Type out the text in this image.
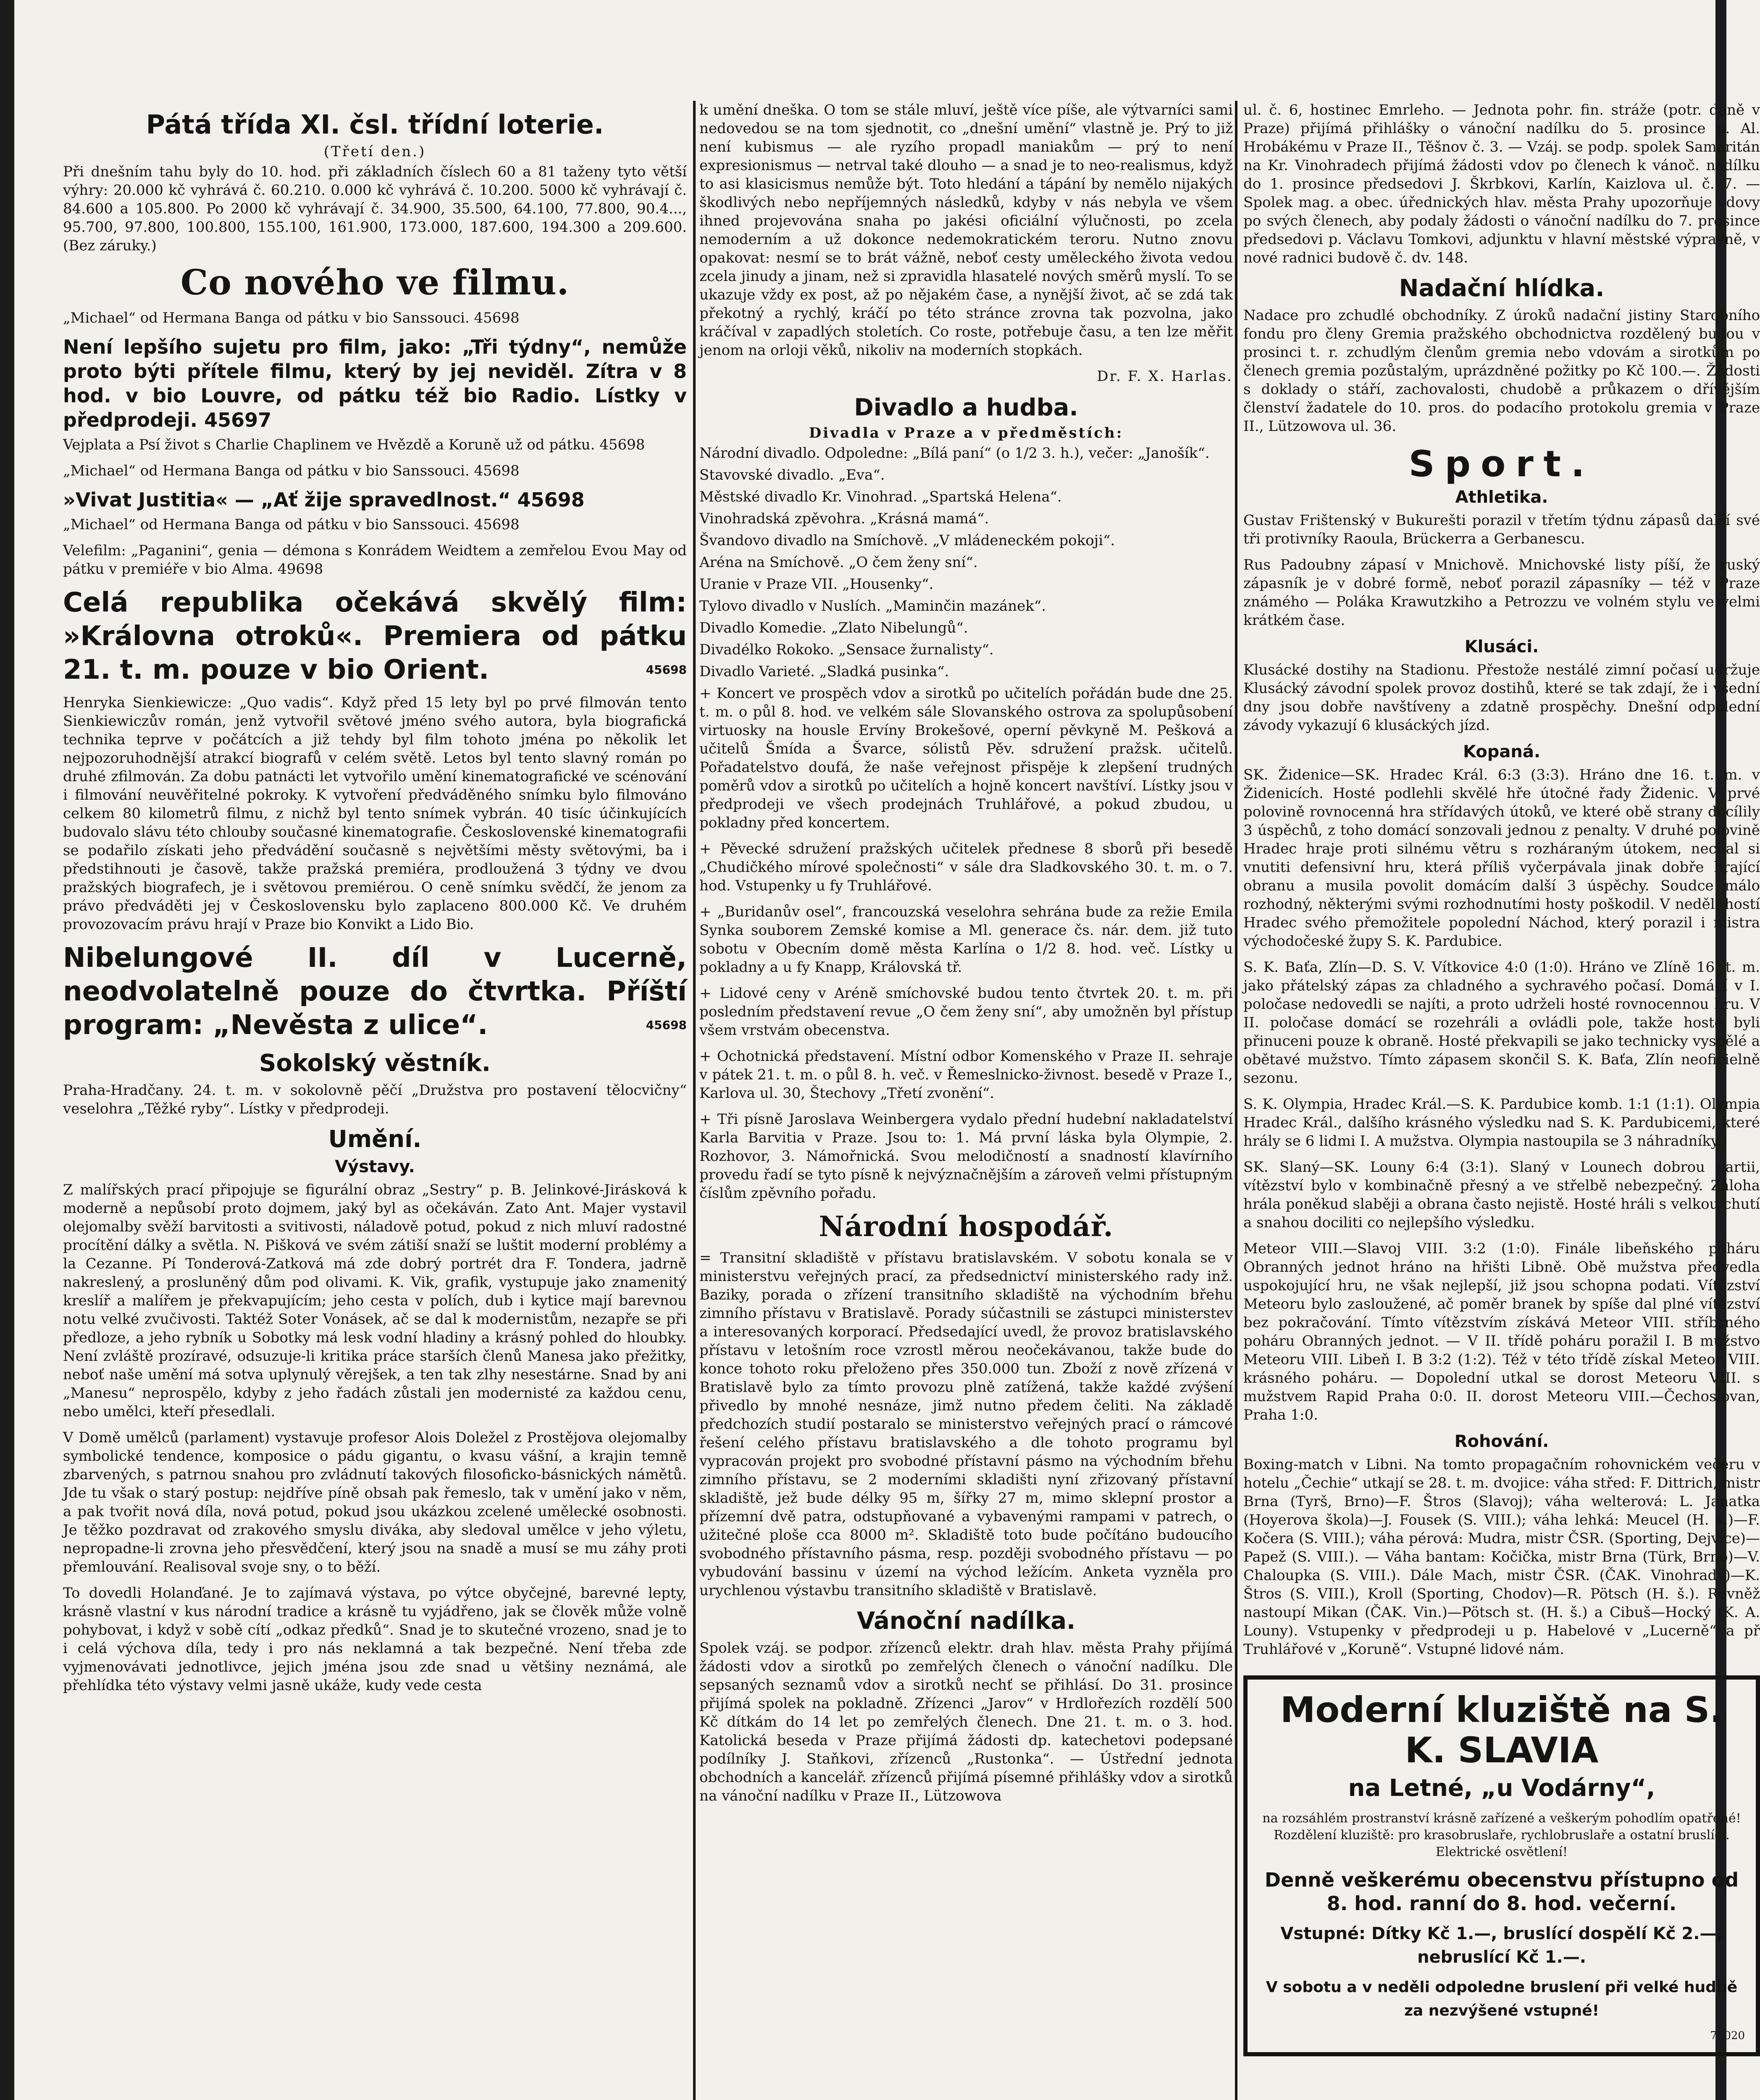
Pátá třída XI. čsl. třídní loterie.
(Třetí den.)

Při dnešním tahu byly do 10. hod. při základních číslech 60 a 81 taženy tyto větší výhry: 20.000 kč vyhrává č. 60.210. 0.000 kč vyhrává č. 10.200. 5000 kč vyhrávají č. 84.600 a 105.800. Po 2000 kč vyhrávají č. 34.900, 35.500, 64.100, 77.800, 90.4..., 95.700, 97.800, 100.800, 155.100, 161.900, 173.000, 187.600, 194.300 a 209.600. (Bez záruky.)

Co nového ve filmu.

„Michael“ od Hermana Banga od pátku v bio Sanssouci. 45698

Není lepšího sujetu pro film, jako: „Tři týdny“, nemůže proto býti přítele filmu, který by jej neviděl. Zítra v 8 hod. v bio Louvre, od pátku též bio Radio. Lístky v předprodeji. 45697

Vejplata a Psí život s Charlie Chaplinem ve Hvězdě a Koruně už od pátku. 45698

„Michael“ od Hermana Banga od pátku v bio Sanssouci. 45698

»Vivat Justitia« — „Ať žije spravedlnost.“ 45698

„Michael“ od Hermana Banga od pátku v bio Sanssouci. 45698

Velefilm: „Paganini“, genia — démona s Konrádem Weidtem a zemřelou Evou May od pátku v premiéře v bio Alma. 49698

Celá republika očekává skvělý film: »Královna otroků«. Premiera od pátku 21. t. m. pouze v bio Orient.	45698

Henryka Sienkiewicze: „Quo vadis“. Když před 15 lety byl po prvé filmován tento Sienkiewiczův román, jenž vytvořil světové jméno svého autora, byla biografická technika teprve v počátcích a již tehdy byl film tohoto jména po několik let nejpozoruhodnější atrakcí biografů v celém světě. Letos byl tento slavný román po druhé zfilmován. Za dobu patnácti let vytvořilo umění kinematografické ve scénování i filmování neuvěřitelné pokroky. K vytvoření předváděného snímku bylo filmováno celkem 80 kilometrů filmu, z nichž byl tento snímek vybrán. 40 tisíc účinkujících budovalo slávu této chlouby současné kinematografie. Československé kinematografii se podařilo získati jeho předvádění současně s největšími městy světovými, ba i předstihnouti je časově, takže pražská premiéra, prodloužená 3 týdny ve dvou pražských biografech, je i světovou premiérou. O ceně snímku svědčí, že jenom za právo předváděti jej v Československu bylo zaplaceno 800.000 Kč. Ve druhém provozovacím právu hrají v Praze bio Konvikt a Lido Bio.

Nibelungové II. díl v Lucerně, neodvolatelně pouze do čtvrtka. Příští program: „Nevěsta z ulice“.	45698

Sokolský věstník.

Praha-Hradčany. 24. t. m. v sokolovně pěčí „Družstva pro postavení tělocvičny“ veselohra „Těžké ryby“. Lístky v předprodeji.

Umění.
Výstavy.

Z malířských prací připojuje se figurální obraz „Sestry“ p. B. Jelinkové-Jirásková k moderně a nepůsobí proto dojmem, jaký byl as očekáván. Zato Ant. Majer vystavil olejomalby svěží barvitosti a svitivosti, náladově potud, pokud z nich mluví radostné procítění dálky a světla. N. Pišková ve svém zátiší snaží se luštit moderní problémy a la Cezanne. Pí Tonderová-Zatková má zde dobrý portrét dra F. Tondera, jadrně nakreslený, a prosluněný dům pod olivami. K. Vik, grafik, vystupuje jako znamenitý kreslíř a malířem je překvapujícím; jeho cesta v polích, dub i kytice mají barevnou notu velké zvučivosti. Taktéž Soter Vonásek, ač se dal k modernistům, nezapře se při předloze, a jeho rybník u Sobotky má lesk vodní hladiny a krásný pohled do hloubky. Není zvláště prozíravé, odsuzuje-li kritika práce starších členů Manesa jako přežitky, neboť naše umění má sotva uplynulý věrejšek, a ten tak zlhy nesestárne. Snad by ani „Manesu“ neprospělo, kdyby z jeho řadách zůstali jen modernisté za každou cenu, nebo umělci, kteří přesedlali.

V Domě umělců (parlament) vystavuje profesor Alois Doležel z Prostějova olejomalby symbolické tendence, komposice o pádu gigantu, o kvasu vášní, a krajin temně zbarvených, s patrnou snahou pro zvládnutí takových filosoficko-básnických námětů. Jde tu však o starý postup: nejdříve píně obsah pak řemeslo, tak v umění jako v něm, a pak tvořit nová díla, nová potud, pokud jsou ukázkou zcelené umělecké osobnosti. Je těžko pozdravat od zrakového smyslu diváka, aby sledoval umělce v jeho výletu, nepropadne-li zrovna jeho přesvědčení, který jsou na snadě a musí se mu záhy proti přemlouvání. Realisoval svoje sny, o to běží.

To dovedli Holanďané. Je to zajímavá výstava, po výtce obyčejné, barevné lepty, krásně vlastní v kus národní tradice a krásně tu vyjádřeno, jak se člověk může volně pohybovat, i když v sobě cítí „odkaz předků“. Snad je to skutečné vrozeno, snad je to i celá výchova díla, tedy i pro nás neklamná a tak bezpečné. Není třeba zde vyjmenovávati jednotlivce, jejich jména jsou zde snad u většiny neznámá, ale přehlídka této výstavy velmi jasně ukáže, kudy vede cesta

k umění dneška. O tom se stále mluví, ještě více píše, ale výtvarníci sami nedovedou se na tom sjednotit, co „dnešní umění“ vlastně je. Prý to již není kubismus — ale ryzího propadl maniakům — prý to není expresionismus — netrval také dlouho — a snad je to neo-realismus, když to asi klasicismus nemůže být. Toto hledání a tápání by nemělo nijakých škodlivých nebo nepříjemných následků, kdyby v nás nebyla ve všem ihned projevována snaha po jakési oficiální výlučnosti, po zcela nemoderním a už dokonce nedemokratickém teroru. Nutno znovu opakovat: nesmí se to brát vážně, neboť cesty uměleckého života vedou zcela jinudy a jinam, než si zpravidla hlasatelé nových směrů myslí. To se ukazuje vždy ex post, až po nějakém čase, a nynější život, ač se zdá tak překotný a rychlý, kráčí po této stránce zrovna tak pozvolna, jako kráčíval v zapadlých stoletích. Co roste, potřebuje času, a ten lze měřit jenom na orloji věků, nikoliv na moderních stopkách.

Dr. F. X. Harlas.

Divadlo a hudba.
Divadla v Praze a v předměstích:

Národní divadlo. Odpoledne: „Bílá paní“ (o 1/2 3. h.), večer: „Janošík“.

Stavovské divadlo. „Eva“.

Městské divadlo Kr. Vinohrad. „Spartská Helena“.

Vinohradská zpěvohra. „Krásná mamá“.

Švandovo divadlo na Smíchově. „V mládeneckém pokoji“.

Aréna na Smíchově. „O čem ženy sní“.

Uranie v Praze VII. „Housenky“.

Tylovo divadlo v Nuslích. „Maminčin mazánek“.

Divadlo Komedie. „Zlato Nibelungů“.

Divadélko Rokoko. „Sensace žurnalisty“.

Divadlo Varieté. „Sladká pusinka“.

+ Koncert ve prospěch vdov a sirotků po učitelích pořádán bude dne 25. t. m. o půl 8. hod. ve velkém sále Slovanského ostrova za spolupůsobení virtuosky na housle Ervíny Brokešové, operní pěvkyně M. Pešková a učitelů Šmída a Švarce, sólistů Pěv. sdružení pražsk. učitelů. Pořadatelstvo doufá, že naše veřejnost přispěje k zlepšení trudných poměrů vdov a sirotků po učitelích a hojně koncert navštíví. Lístky jsou v předprodeji ve všech prodejnách Truhlářové, a pokud zbudou, u pokladny před koncertem.

+ Pěvecké sdružení pražských učitelek přednese 8 sborů při besedě „Chudičkého mírové společnosti“ v sále dra Sladkovského 30. t. m. o 7. hod. Vstupenky u fy Truhlářové.

+ „Buridanův osel“, francouzská veselohra sehrána bude za režie Emila Synka souborem Zemské komise a Ml. generace čs. nár. dem. již tuto sobotu v Obecním domě města Karlína o 1/2 8. hod. več. Lístky u pokladny a u fy Knapp, Královská tř.

+ Lidové ceny v Aréně smíchovské budou tento čtvrtek 20. t. m. při posledním představení revue „O čem ženy sní“, aby umožněn byl přístup všem vrstvám obecenstva.

+ Ochotnická představení. Místní odbor Komenského v Praze II. sehraje v pátek 21. t. m. o půl 8. h. več. v Řemeslnicko-živnost. besedě v Praze I., Karlova ul. 30, Štechovy „Třetí zvonění“.

+ Tři písně Jaroslava Weinbergera vydalo přední hudební nakladatelství Karla Barvitia v Praze. Jsou to: 1. Má první láska byla Olympie, 2. Rozhovor, 3. Námořnická. Svou melodičností a snadností klavírního provedu řadí se tyto písně k nejvýznačnějším a zároveň velmi přístupným číslům zpěvního pořadu.

Národní hospodář.

= Transitní skladiště v přístavu bratislavském. V sobotu konala se v ministerstvu veřejných prací, za předsednictví ministerského rady inž. Baziky, porada o zřízení transitního skladiště na východním břehu zimního přístavu v Bratislavě. Porady súčastnili se zástupci ministerstev a interesovaných korporací. Předsedající uvedl, že provoz bratislavského přístavu v letošním roce vzrostl měrou neočekávanou, takže bude do konce tohoto roku přeloženo přes 350.000 tun. Zboží z nově zřízená v Bratislavě bylo za tímto provozu plně zatížená, takže každé zvýšení přivedlo by mnohé nesnáze, jimž nutno předem čeliti. Na základě předchozích studií postaralo se ministerstvo veřejných prací o rámcové řešení celého přístavu bratislavského a dle tohoto programu byl vypracován projekt pro svobodné přístavní pásmo na východním břehu zimního přístavu, se 2 moderními skladišti nyní zřizovaný přístavní skladiště, jež bude délky 95 m, šířky 27 m, mimo sklepní prostor a přízemní dvě patra, odstupňované a vybavenými rampami v patrech, o užitečné ploše cca 8000 m². Skladiště toto bude počítáno budoucího svobodného přístavního pásma, resp. později svobodného přístavu — po vybudování bassinu v území na východ ležícím. Anketa vyzněla pro urychlenou výstavbu transitního skladiště v Bratislavě.

Vánoční nadílka.

Spolek vzáj. se podpor. zřízenců elektr. drah hlav. města Prahy přijímá žádosti vdov a sirotků po zemřelých členech o vánoční nadílku. Dle sepsaných seznamů vdov a sirotků nechť se přihlásí. Do 31. prosince přijímá spolek na pokladně. Zřízenci „Jarov“ v Hrdlořezích rozdělí 500 Kč dítkám do 14 let po zemřelých členech. Dne 21. t. m. o 3. hod. Katolická beseda v Praze přijímá žádosti dp. katechetovi podepsané podílníky J. Staňkovi, zřízenců „Rustonka“. — Ústřední jednota obchodních a kancelář. zřízenců přijímá písemné přihlášky vdov a sirotků na vánoční nadílku v Praze II., Lützowova

ul. č. 6, hostinec Emrleho. — Jednota pohr. fin. stráže (potr. daně v Praze) přijímá přihlášky o vánoční nadílku do 5. prosince p. Al. Hrobákému v Praze II., Těšnov č. 3. — Vzáj. se podp. spolek Samaritán na Kr. Vinohradech přijímá žádosti vdov po členech k vánoč. nadílku do 1. prosince předsedovi J. Škrbkovi, Karlín, Kaizlova ul. č. 7. — Spolek mag. a obec. úřednických hlav. města Prahy upozorňuje vdovy po svých členech, aby podaly žádosti o vánoční nadílku do 7. prosince předsedovi p. Václavu Tomkovi, adjunktu v hlavní městské výpravně, v nové radnici budově č. dv. 148.

Nadační hlídka.

Nadace pro zchudlé obchodníky. Z úroků nadační jistiny Starobního fondu pro členy Gremia pražského obchodnictva rozdělený budou v prosinci t. r. zchudlým členům gremia nebo vdovám a sirotkům po členech gremia pozůstalým, uprázdněné požitky po Kč 100.—. Žádosti s doklady o stáří, zachovalosti, chudobě a průkazem o dřívějším členství žadatele do 10. pros. do podacího protokolu gremia v Praze II., Lützowova ul. 36.

Sport.
Athletika.

Gustav Frištenský v Bukurešti porazil v třetím týdnu zápasů další své tři protivníky Raoula, Brückerra a Gerbanescu.

Rus Padoubny zápasí v Mnichově. Mnichovské listy píší, že ruský zápasník je v dobré formě, neboť porazil zápasníky — též v Praze známého — Poláka Krawutzkiho a Petrozzu ve volném stylu ve velmi krátkém čase.

Klusáci.

Klusácké dostihy na Stadionu. Přestože nestálé zimní počasí udržuje Klusácký závodní spolek provoz dostihů, které se tak zdají, že i všední dny jsou dobře navštíveny a zdatně prospěchy. Dnešní odpolední závody vykazují 6 klusáckých jízd.

Kopaná.

SK. Židenice—SK. Hradec Král. 6:3 (3:3). Hráno dne 16. t. m. v Židenicích. Hosté podlehli skvělé hře útočné řady Židenic. V prvé polovině rovnocenná hra střídavých útoků, ve které obě strany docílily 3 úspěchů, z toho domácí sonzovali jednou z penalty. V druhé polovině Hradec hraje proti silnému větru s rozháraným útokem, nechal si vnutiti defensivní hru, která příliš vyčerpávala jinak dobře hrající obranu a musila povolit domácím další 3 úspěchy. Soudce málo rozhodný, některými svými rozhodnutími hosty poškodil. V neděli hostí Hradec svého přemožitele popolední Náchod, který porazil i mistra východočeské župy S. K. Pardubice.

S. K. Baťa, Zlín—D. S. V. Vítkovice 4:0 (1:0). Hráno ve Zlíně 16. t. m. jako přátelský zápas za chladného a sychravého počasí. Domácí v I. poločase nedovedli se najíti, a proto udrželi hosté rovnocennou hru. V II. poločase domácí se rozehráli a ovládli pole, takže hosté byli přinuceni pouze k obraně. Hosté překvapili se jako technicky vyspělé a obětavé mužstvo. Tímto zápasem skončil S. K. Baťa, Zlín neoficielně sezonu.

S. K. Olympia, Hradec Král.—S. K. Pardubice komb. 1:1 (1:1). Olympia Hradec Král., dalšího krásného výsledku nad S. K. Pardubicemi, které hrály se 6 lidmi I. A mužstva. Olympia nastoupila se 3 náhradníky.

SK. Slaný—SK. Louny 6:4 (3:1). Slaný v Lounech dobrou partii, vítězství bylo v kombinačně přesný a ve střelbě nebezpečný. Záloha hrála poněkud slaběji a obrana často nejistě. Hosté hráli s velkou chutí a snahou dociliti co nejlepšího výsledku.

Meteor VIII.—Slavoj VIII. 3:2 (1:0). Finále libeňského poháru Obranných jednot hráno na hřišti Libně. Obě mužstva předvedla uspokojující hru, ne však nejlepší, již jsou schopna podati. Vítězství Meteoru bylo zasloužené, ač poměr branek by spíše dal plné vítězství bez pokračování. Tímto vítězstvím získává Meteor VIII. stříbrného poháru Obranných jednot. — V II. třídě poháru poražil I. B mužstvo Meteoru VIII. Libeň I. B 3:2 (1:2). Též v této třídě získal Meteor VIII. krásného poháru. — Dopolední utkal se dorost Meteoru VIII. s mužstvem Rapid Praha 0:0. II. dorost Meteoru VIII.—Čechoslovan, Praha 1:0.

Rohování.

Boxing-match v Libni. Na tomto propagačním rohovnickém večeru v hotelu „Čechie“ utkají se 28. t. m. dvojice: váha střed: F. Dittrich, mistr Brna (Tyrš, Brno)—F. Štros (Slavoj); váha welterová: L. Janatka (Hoyerova škola)—J. Fousek (S. VIII.); váha lehká: Meucel (H. š.)—F. Kočera (S. VIII.); váha pérová: Mudra, mistr ČSR. (Sporting, Dejvice)—Papež (S. VIII.). — Váha bantam: Kočička, mistr Brna (Türk, Brno)—V. Chaloupka (S. VIII.). Dále Mach, mistr ČSR. (ČAK. Vinohrady)—K. Štros (S. VIII.), Kroll (Sporting, Chodov)—R. Pötsch (H. š.). Rovněž nastoupí Mikan (ČAK. Vin.)—Pötsch st. (H. š.) a Cibuš—Hocký (K. A. Louny). Vstupenky v předprodeji u p. Habelové v „Lucerně“ a př Truhlářové v „Koruně“. Vstupné lidové nám.

Moderní kluziště na S. K. SLAVIA
na Letné, „u Vodárny“,

na rozsáhlém prostranství krásně zařízené a veškerým pohodlím opatřené! Rozdělení kluziště: pro krasobruslaře, rychlobruslaře a ostatní bruslící. Elektrické osvětlení!

Denně veškerému obecenstvu přístupno od 8. hod. ranní do 8. hod. večerní.

Vstupné: Dítky Kč 1.—, bruslící dospělí Kč 2.—, nebruslící Kč 1.—.

V sobotu a v neděli odpoledne bruslení při velké hudbě za nezvýšené vstupné!

76020
